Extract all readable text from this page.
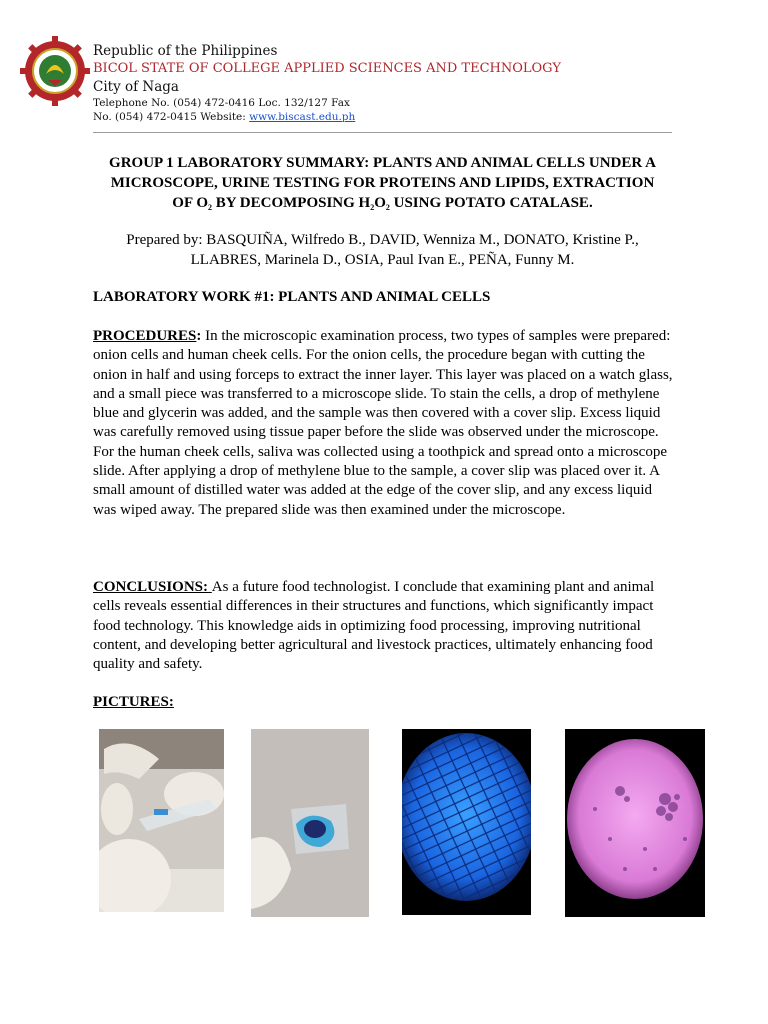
Republic of the Philippines
BICOL STATE OF COLLEGE APPLIED SCIENCES AND TECHNOLOGY
City of Naga
Telephone No. (054) 472-0416 Loc. 132/127 Fax
No. (054) 472-0415 Website: www.biscast.edu.ph
GROUP 1 LABORATORY SUMMARY: PLANTS AND ANIMAL CELLS UNDER A
MICROSCOPE, URINE TESTING FOR PROTEINS AND LIPIDS, EXTRACTION
OF $O_2$ BY DECOMPOSING $H_2O_2$ USING POTATO CATALASE.
Prepared by: BASQUIÑA, Wilfredo B., DAVID, Wenniza M., DONATO, Kristine P.,
LLABRES, Marinela D., OSIA, Paul Ivan E., PEÑA, Funny M.
LABORATORY WORK #1: PLANTS AND ANIMAL CELLS
PROCEDURES: In the microscopic examination process, two types of samples were prepared: onion cells and human cheek cells. For the onion cells, the procedure began with cutting the onion in half and using forceps to extract the inner layer. This layer was placed on a watch glass, and a small piece was transferred to a microscope slide. To stain the cells, a drop of methylene blue and glycerin was added, and the sample was then covered with a cover slip. Excess liquid was carefully removed using tissue paper before the slide was observed under the microscope.
For the human cheek cells, saliva was collected using a toothpick and spread onto a microscope slide. After applying a drop of methylene blue to the sample, a cover slip was placed over it. A small amount of distilled water was added at the edge of the cover slip, and any excess liquid was wiped away. The prepared slide was then examined under the microscope.
CONCLUSIONS: As a future food technologist. I conclude that examining plant and animal cells reveals essential differences in their structures and functions, which significantly impact food technology. This knowledge aids in optimizing food processing, improving nutritional content, and developing better agricultural and livestock practices, ultimately enhancing food quality and safety.
PICTURES:
